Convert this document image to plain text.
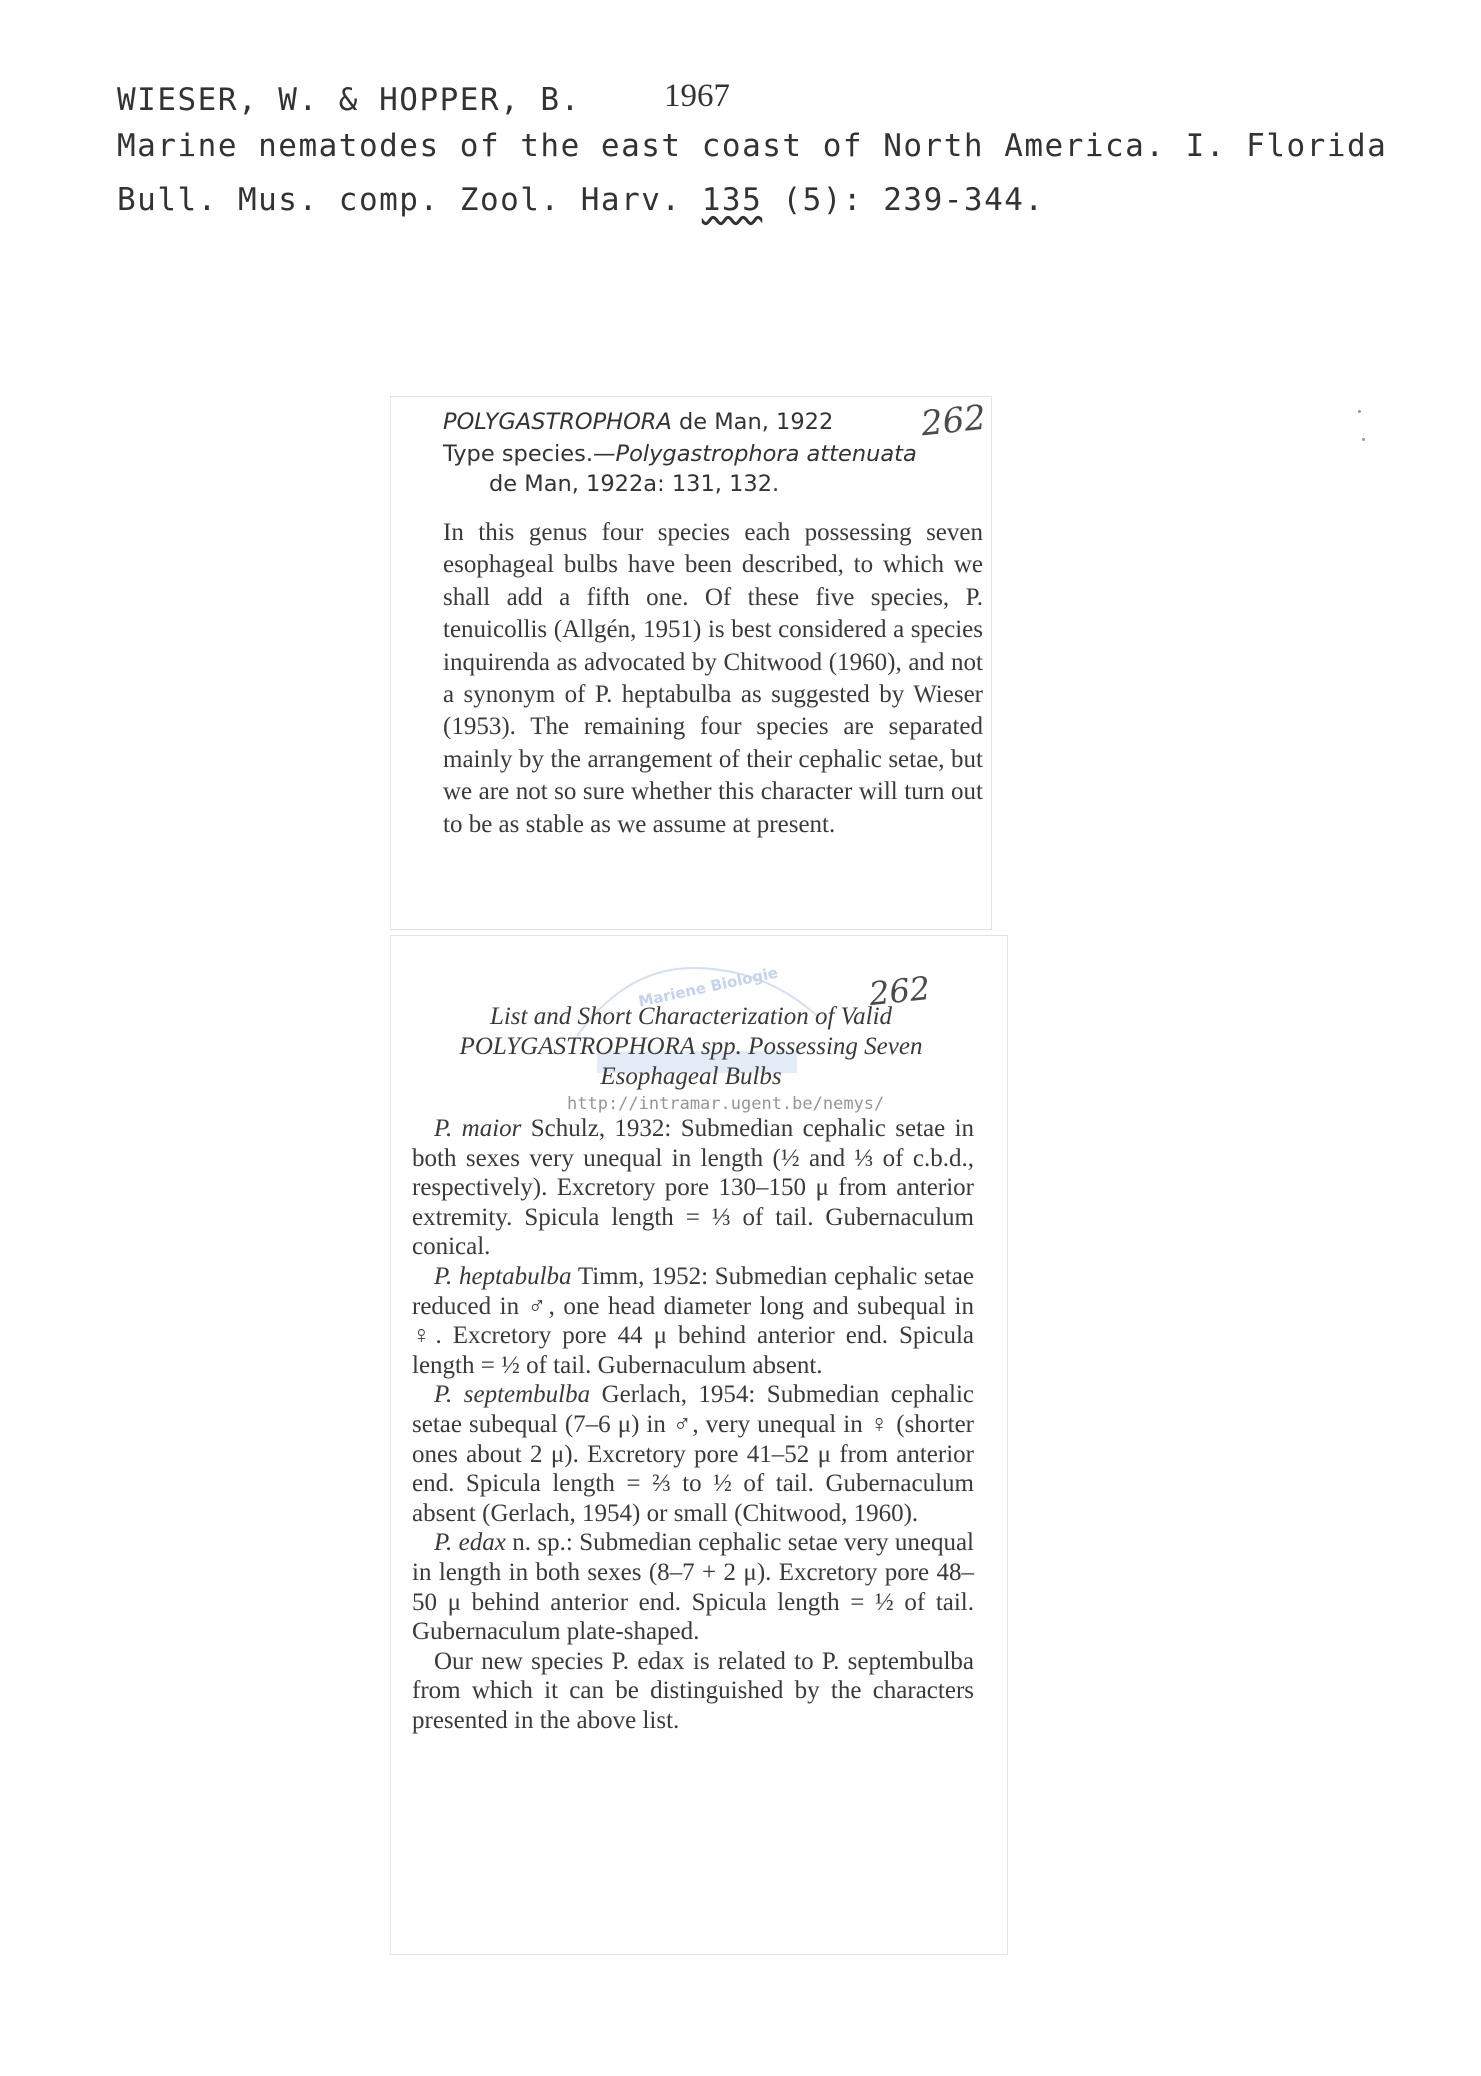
WIESER, W. & HOPPER, B.	1967
Marine nematodes of the east coast of North America. I. Florida
Bull. Mus. comp. Zool. Harv. 135 (5): 239-344.
POLYGASTROPHORA de Man, 1922	262
Type species.—Polygastrophora attenuata
de Man, 1922a: 131, 132.
In this genus four species each possessing seven esophageal bulbs have been described, to which we shall add a fifth one. Of these five species, P. tenuicollis (Allgén, 1951) is best considered a species inquirenda as advocated by Chitwood (1960), and not a synonym of P. heptabulba as suggested by Wieser (1953). The remaining four species are separated mainly by the arrangement of their cephalic setae, but we are not so sure whether this character will turn out to be as stable as we assume at present.
Mariene Biologie	262
List and Short Characterization of Valid
POLYGASTROPHORA spp. Possessing Seven
Esophageal Bulbs
http://intramar.ugent.be/nemys/

P. maior Schulz, 1932: Submedian cephalic setae in both sexes very unequal in length (½ and ⅓ of c.b.d., respectively). Excretory pore 130–150 μ from anterior extremity. Spicula length = ⅓ of tail. Gubernaculum conical.

P. heptabulba Timm, 1952: Submedian cephalic setae reduced in ♂, one head diameter long and subequal in ♀. Excretory pore 44 μ behind anterior end. Spicula length = ½ of tail. Gubernaculum absent.

P. septembulba Gerlach, 1954: Submedian cephalic setae subequal (7–6 μ) in ♂, very unequal in ♀ (shorter ones about 2 μ). Excretory pore 41–52 μ from anterior end. Spicula length = ⅔ to ½ of tail. Gubernaculum absent (Gerlach, 1954) or small (Chitwood, 1960).

P. edax n. sp.: Submedian cephalic setae very unequal in length in both sexes (8–7 + 2 μ). Excretory pore 48–50 μ behind anterior end. Spicula length = ½ of tail. Gubernaculum plate-shaped.

Our new species P. edax is related to P. septembulba from which it can be distinguished by the characters presented in the above list.
